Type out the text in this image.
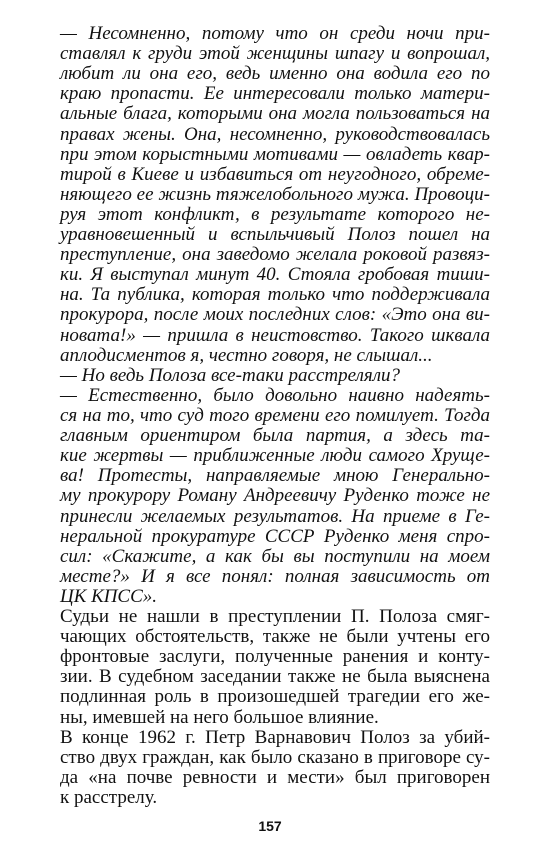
— Несомненно, потому что он среди ночи при-
ставлял к груди этой женщины шпагу и вопрошал,
любит ли она его, ведь именно она водила его по
краю пропасти. Ее интересовали только матери-
альные блага, которыми она могла пользоваться на
правах жены. Она, несомненно, руководствовалась
при этом корыстными мотивами — овладеть квар-
тирой в Киеве и избавиться от неугодного, обреме-
няющего ее жизнь тяжелобольного мужа. Провоци-
руя этот конфликт, в результате которого не-
уравновешенный и вспыльчивый Полоз пошел на
преступление, она заведомо желала роковой развяз-
ки. Я выступал минут 40. Стояла гробовая тиши-
на. Та публика, которая только что поддерживала
прокурора, после моих последних слов: «Это она ви-
новата!» — пришла в неистовство. Такого шквала
аплодисментов я, честно говоря, не слышал...
— Но ведь Полоза все-таки расстреляли?
— Естественно, было довольно наивно надеять-
ся на то, что суд того времени его помилует. Тогда
главным ориентиром была партия, а здесь та-
кие жертвы — приближенные люди самого Хруще-
ва! Протесты, направляемые мною Генерально-
му прокурору Роману Андреевичу Руденко тоже не
принесли желаемых результатов. На приеме в Ге-
неральной прокуратуре СССР Руденко меня спро-
сил: «Скажите, а как бы вы поступили на моем
месте?» И я все понял: полная зависимость от
ЦК КПСС».
Судьи не нашли в преступлении П. Полоза смяг-
чающих обстоятельств, также не были учтены его
фронтовые заслуги, полученные ранения и конту-
зии. В судебном заседании также не была выяснена
подлинная роль в произошедшей трагедии его же-
ны, имевшей на него большое влияние.
В конце 1962 г. Петр Варнавович Полоз за убий-
ство двух граждан, как было сказано в приговоре су-
да «на почве ревности и мести» был приговорен
к расстрелу.
157
